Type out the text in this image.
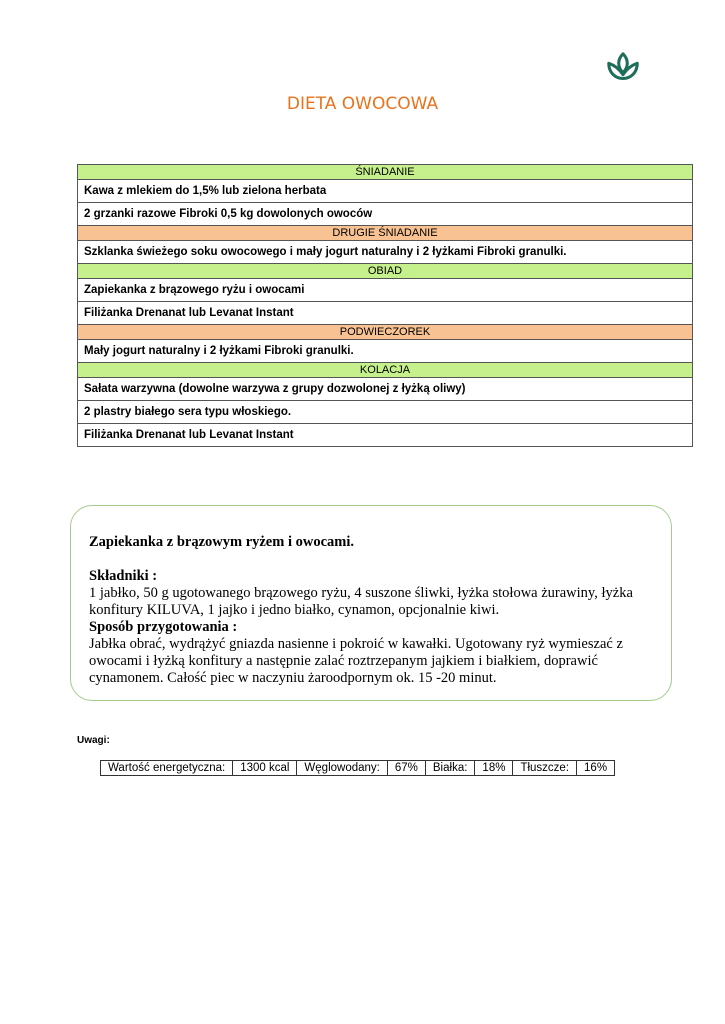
DIETA OWOCOWA
ŚNIADANIE
Kawa z mlekiem do 1,5% lub zielona herbata
2 grzanki razowe Fibroki 0,5 kg dowolonych owoców
DRUGIE ŚNIADANIE
Szklanka świeżego soku owocowego i mały jogurt naturalny i 2 łyżkami Fibroki granulki.
OBIAD
Zapiekanka z brązowego ryżu i owocami
Filiżanka Drenanat lub Levanat Instant
PODWIECZOREK
Mały jogurt naturalny i 2 łyżkami Fibroki granulki.
KOLACJA
Sałata warzywna (dowolne warzywa z grupy dozwolonej z łyżką oliwy)
2 plastry białego sera typu włoskiego.
Filiżanka Drenanat lub Levanat Instant
Zapiekanka z brązowym ryżem i owocami.
Składniki :
1 jabłko, 50 g ugotowanego brązowego ryżu, 4 suszone śliwki, łyżka stołowa żurawiny, łyżka konfitury KILUVA, 1 jajko i jedno białko, cynamon, opcjonalnie kiwi.
Sposób przygotowania :
Jabłka obrać, wydrążyć gniazda nasienne i pokroić w kawałki. Ugotowany ryż wymieszać z owocami i łyżką konfitury a następnie zalać roztrzepanym jajkiem i białkiem, doprawić cynamonem. Całość piec w naczyniu żaroodpornym ok. 15 -20 minut.
Uwagi:
Wartość energetyczna:	1300 kcal	Węglowodany:	67%	Białka:	18%	Tłuszcze:	16%
